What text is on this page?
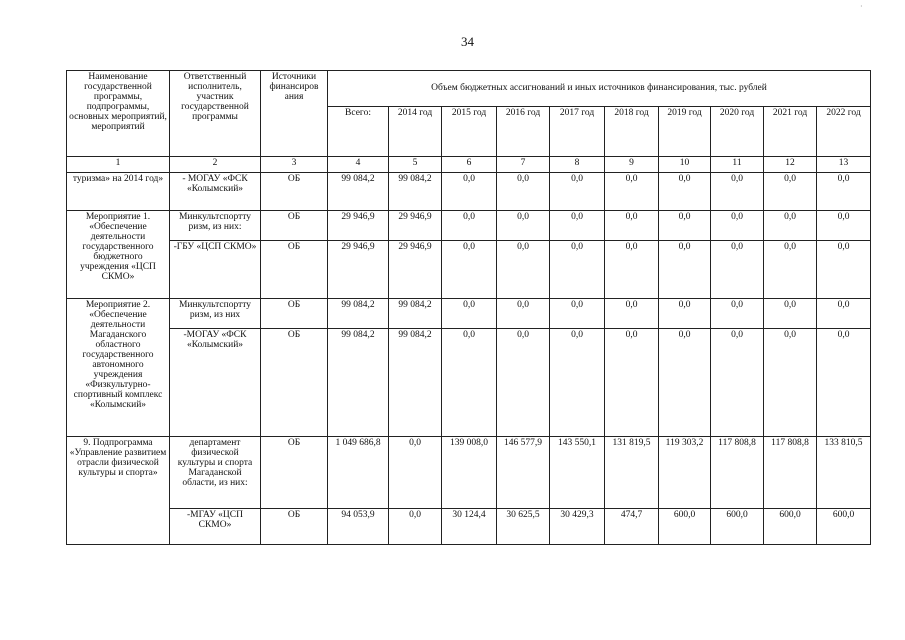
·
34
Наименование государственной программы, подпрограммы, основных мероприятий, мероприятий	Ответственный исполнитель, участник государственной программы	Источники финансиров ания	Объем бюджетных ассигнований и иных источников финансирования, тыс. рублей									
			Всего:	2014 год	2015 год	2016 год	2017 год	2018 год	2019 год	2020 год	2021 год	2022 год
1	2	3	4	5	6	7	8	9	10	11	12	13
туризма» на 2014 год»	- МОГАУ «ФСК «Колымский»	ОБ	99 084,2	99 084,2	0,0	0,0	0,0	0,0	0,0	0,0	0,0	0,0
Мероприятие 1. «Обеспечение деятельности государственного бюджетного учреждения «ЦСП СКМО»	Минкультспортту ризм, из них:	ОБ	29 946,9	29 946,9	0,0	0,0	0,0	0,0	0,0	0,0	0,0	0,0
	-ГБУ «ЦСП СКМО»	ОБ	29 946,9	29 946,9	0,0	0,0	0,0	0,0	0,0	0,0	0,0	0,0
Мероприятие 2. «Обеспечение деятельности Магаданского областного государственного автономного учреждения «Физкультурно-спортивный комплекс «Колымский»	Минкультспортту ризм, из них	ОБ	99 084,2	99 084,2	0,0	0,0	0,0	0,0	0,0	0,0	0,0	0,0
	-МОГАУ «ФСК «Колымский»	ОБ	99 084,2	99 084,2	0,0	0,0	0,0	0,0	0,0	0,0	0,0	0,0
9. Подпрограмма «Управление развитием отрасли физической культуры и спорта»	департамент физической культуры и спорта Магаданской области, из них:	ОБ	1 049 686,8	0,0	139 008,0	146 577,9	143 550,1	131 819,5	119 303,2	117 808,8	117 808,8	133 810,5
	-МГАУ «ЦСП СКМО»	ОБ	94 053,9	0,0	30 124,4	30 625,5	30 429,3	474,7	600,0	600,0	600,0	600,0
